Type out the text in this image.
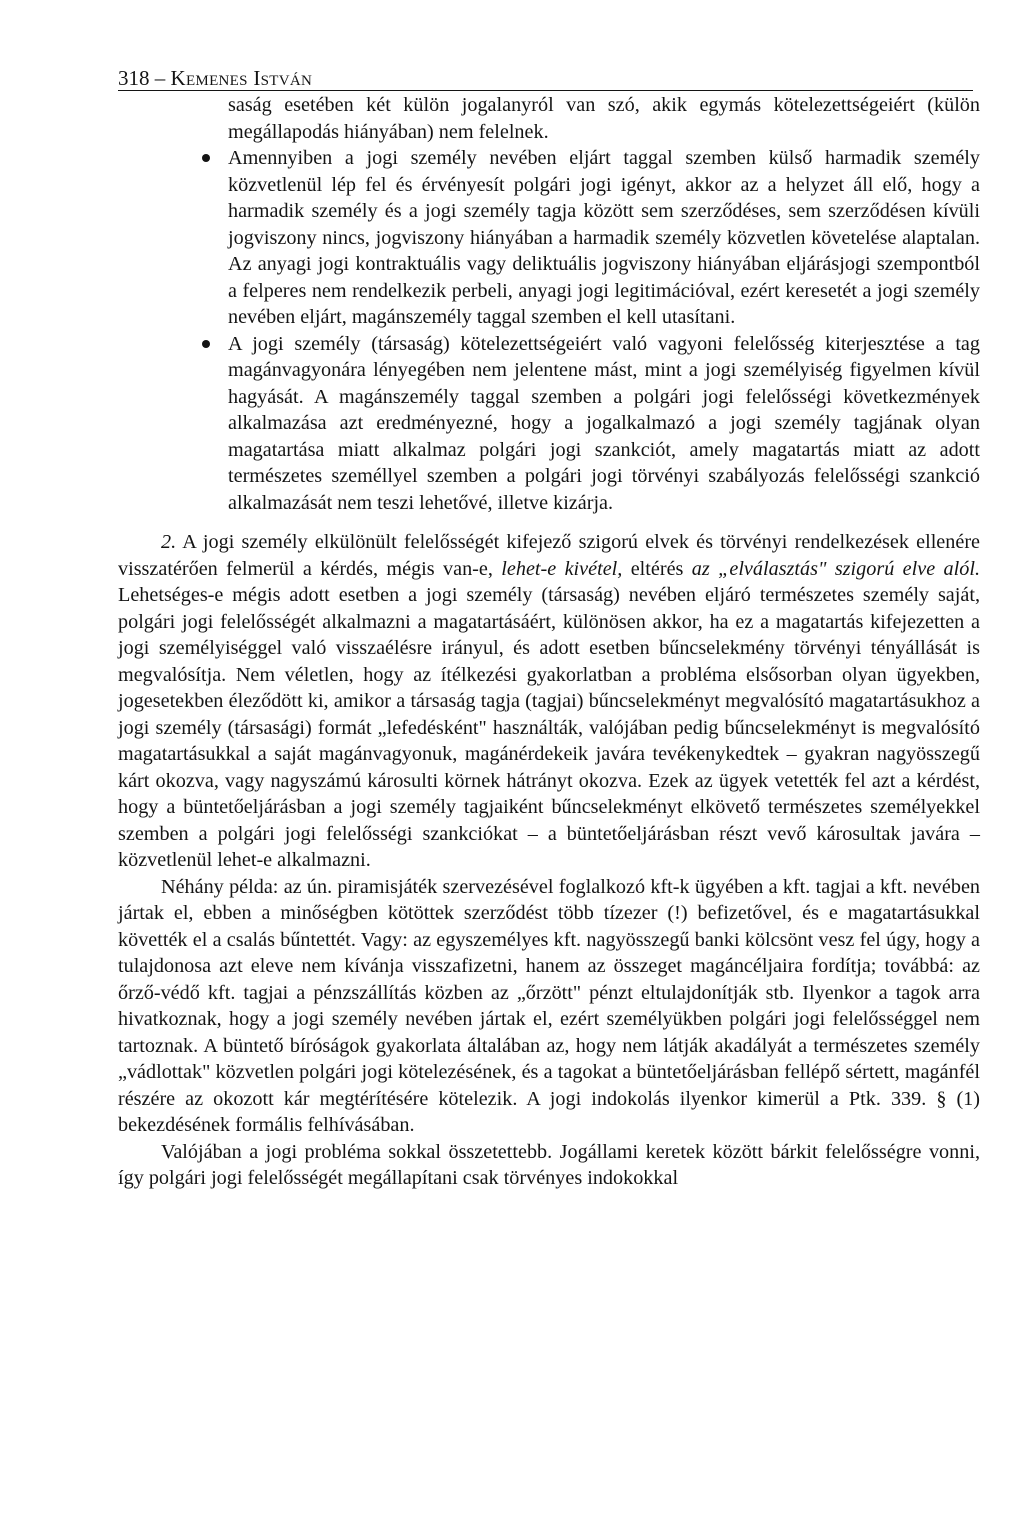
318 – Kemenes István
saság esetében két külön jogalanyról van szó, akik egymás kötelezettségeiért (külön megállapodás hiányában) nem felelnek.
Amennyiben a jogi személy nevében eljárt taggal szemben külső harmadik személy közvetlenül lép fel és érvényesít polgári jogi igényt, akkor az a helyzet áll elő, hogy a harmadik személy és a jogi személy tagja között sem szerződéses, sem szerződésen kívüli jogviszony nincs, jogviszony hiányában a harmadik személy közvetlen követelése alaptalan. Az anyagi jogi kontraktuális vagy deliktuális jogviszony hiányában eljárásjogi szempontból a felperes nem rendelkezik perbeli, anyagi jogi legitimációval, ezért keresetét a jogi személy nevében eljárt, magánszemély taggal szemben el kell utasítani.
A jogi személy (társaság) kötelezettségeiért való vagyoni felelősség kiterjesztése a tag magánvagyonára lényegében nem jelentene mást, mint a jogi személyiség figyelmen kívül hagyását. A magánszemély taggal szemben a polgári jogi felelősségi következmények alkalmazása azt eredményezné, hogy a jogalkalmazó a jogi személy tagjának olyan magatartása miatt alkalmaz polgári jogi szankciót, amely magatartás miatt az adott természetes személlyel szemben a polgári jogi törvényi szabályozás felelősségi szankció alkalmazását nem teszi lehetővé, illetve kizárja.

2. A jogi személy elkülönült felelősségét kifejező szigorú elvek és törvényi rendelkezések ellenére visszatérően felmerül a kérdés, mégis van-e, lehet-e kivétel, eltérés az „elválasztás" szigorú elve alól. Lehetséges-e mégis adott esetben a jogi személy (társaság) nevében eljáró természetes személy saját, polgári jogi felelősségét alkalmazni a magatartásáért, különösen akkor, ha ez a magatartás kifejezetten a jogi személyiséggel való visszaélésre irányul, és adott esetben bűncselekmény törvényi tényállását is megvalósítja. Nem véletlen, hogy az ítélkezési gyakorlatban a probléma elsősorban olyan ügyekben, jogesetekben éleződött ki, amikor a társaság tagja (tagjai) bűncselekményt megvalósító magatartásukhoz a jogi személy (társasági) formát „lefedésként" használták, valójában pedig bűncselekményt is megvalósító magatartásukkal a saját magánvagyonuk, magánérdekeik javára tevékenykedtek – gyakran nagyösszegű kárt okozva, vagy nagyszámú károsulti körnek hátrányt okozva. Ezek az ügyek vetették fel azt a kérdést, hogy a büntetőeljárásban a jogi személy tagjaiként bűncselekményt elkövető természetes személyekkel szemben a polgári jogi felelősségi szankciókat – a büntetőeljárásban részt vevő károsultak javára – közvetlenül lehet-e alkalmazni.

Néhány példa: az ún. piramisjáték szervezésével foglalkozó kft-k ügyében a kft. tagjai a kft. nevében jártak el, ebben a minőségben kötöttek szerződést több tízezer (!) befizetővel, és e magatartásukkal követték el a csalás bűntettét. Vagy: az egyszemélyes kft. nagyösszegű banki kölcsönt vesz fel úgy, hogy a tulajdonosa azt eleve nem kívánja visszafizetni, hanem az összeget magáncéljaira fordítja; továbbá: az őrző-védő kft. tagjai a pénzszállítás közben az „őrzött" pénzt eltulajdonítják stb. Ilyenkor a tagok arra hivatkoznak, hogy a jogi személy nevében jártak el, ezért személyükben polgári jogi felelősséggel nem tartoznak. A büntető bíróságok gyakorlata általában az, hogy nem látják akadályát a természetes személy „vádlottak" közvetlen polgári jogi kötelezésének, és a tagokat a büntetőeljárásban fellépő sértett, magánfél részére az okozott kár megtérítésére kötelezik. A jogi indokolás ilyenkor kimerül a Ptk. 339. § (1) bekezdésének formális felhívásában.

Valójában a jogi probléma sokkal összetettebb. Jogállami keretek között bárkit felelősségre vonni, így polgári jogi felelősségét megállapítani csak törvényes indokokkal
